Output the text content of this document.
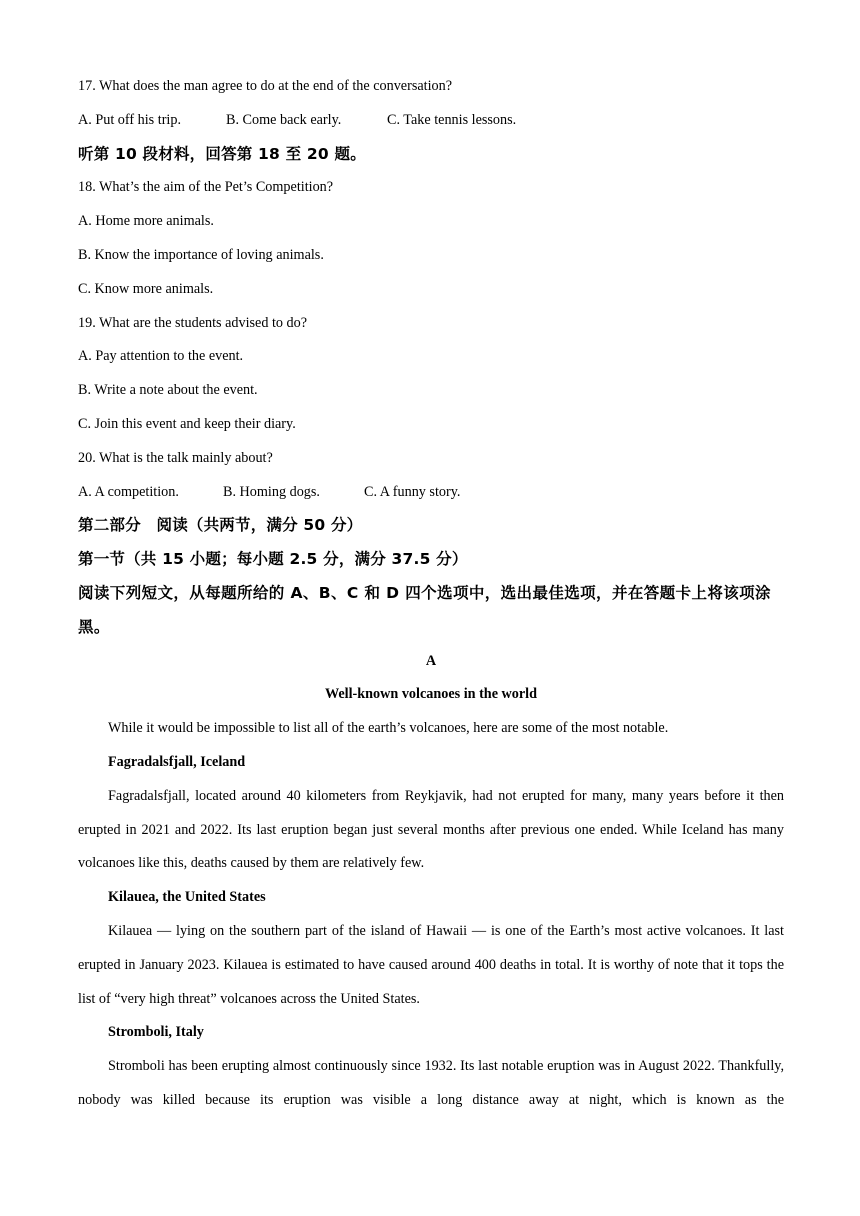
17. What does the man agree to do at the end of the conversation?
A. Put off his trip.	B. Come back early.	C. Take tennis lessons.
听第 10 段材料，回答第 18 至 20 题。
18. What’s the aim of the Pet’s Competition?
A. Home more animals.
B. Know the importance of loving animals.
C. Know more animals.
19. What are the students advised to do?
A. Pay attention to the event.
B. Write a note about the event.
C. Join this event and keep their diary.
20. What is the talk mainly about?
A. A competition.	B. Homing dogs.	C. A funny story.
第二部分　阅读（共两节，满分 50 分）
第一节（共 15 小题；每小题 2.5 分，满分 37.5 分）
阅读下列短文，从每题所给的 A、B、C 和 D 四个选项中，选出最佳选项，并在答题卡上将该项涂黑。
A
Well-known volcanoes in the world
While it would be impossible to list all of the earth’s volcanoes, here are some of the most notable.
Fagradalsfjall, Iceland
Fagradalsfjall, located around 40 kilometers from Reykjavik, had not erupted for many, many years before it then erupted in 2021 and 2022. Its last eruption began just several months after previous one ended. While Iceland has many volcanoes like this, deaths caused by them are relatively few.
Kilauea, the United States
Kilauea — lying on the southern part of the island of Hawaii — is one of the Earth’s most active volcanoes. It last erupted in January 2023. Kilauea is estimated to have caused around 400 deaths in total. It is worthy of note that it tops the list of “very high threat” volcanoes across the United States.
Stromboli, Italy
Stromboli has been erupting almost continuously since 1932. Its last notable eruption was in August 2022. Thankfully, nobody was killed because its eruption was visible a long distance away at night, which is known as the
